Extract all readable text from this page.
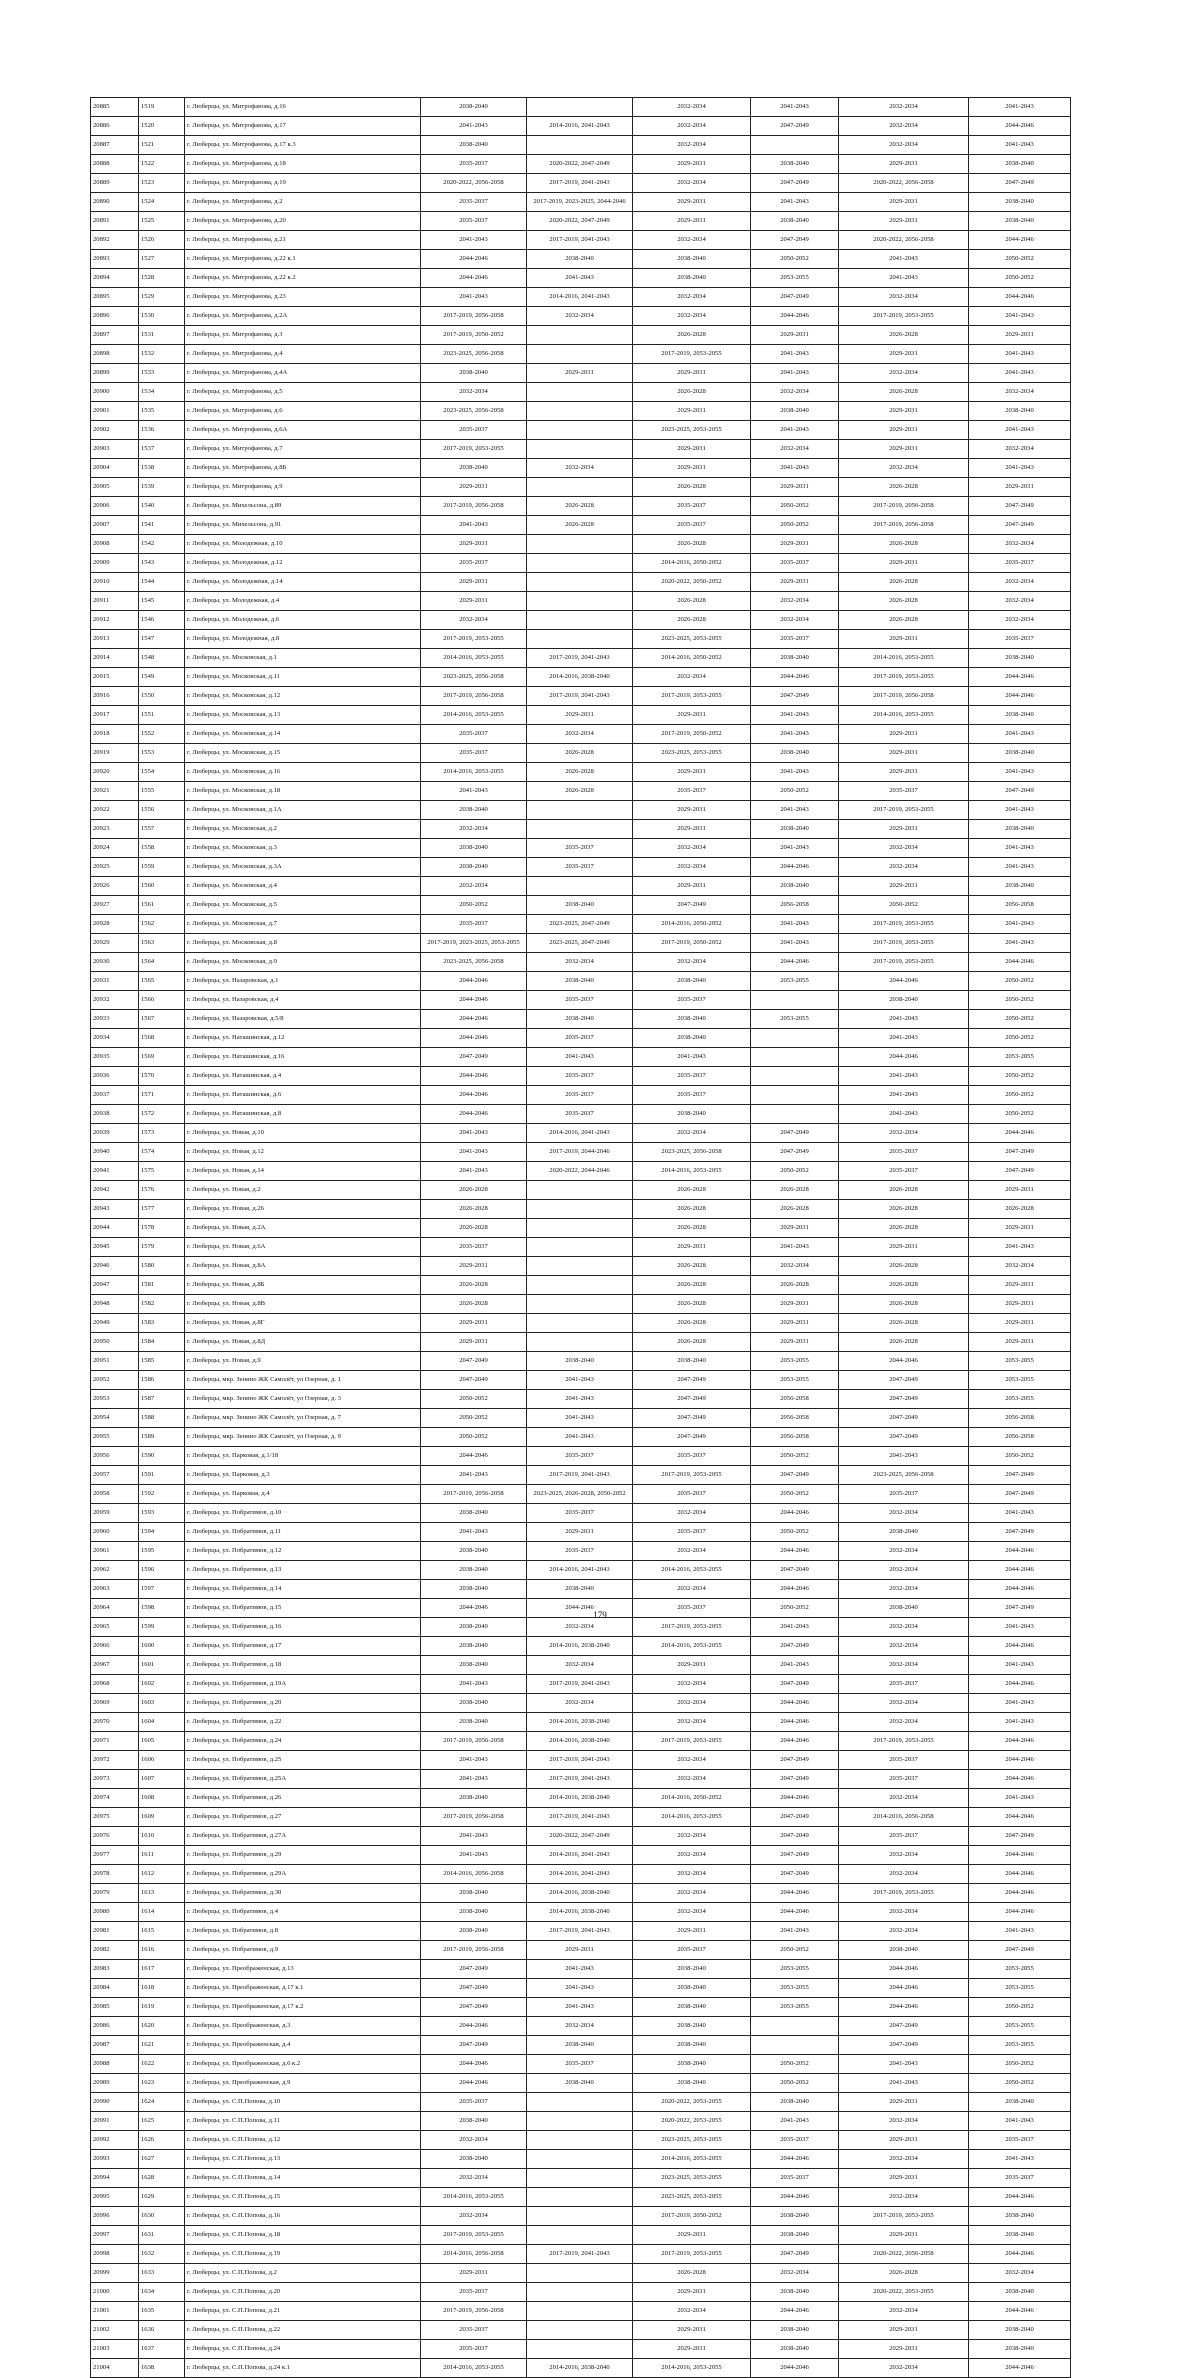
20885	1519	г. Люберцы, ул. Митрофанова, д.16	2038-2040		2032-2034	2041-2043	2032-2034	2041-2043
20886	1520	г. Люберцы, ул. Митрофанова, д.17	2041-2043	2014-2016, 2041-2043	2032-2034	2047-2049	2032-2034	2044-2046
20887	1521	г. Люберцы, ул. Митрофанова, д.17 к.3	2038-2040		2032-2034		2032-2034	2041-2043
20888	1522	г. Люберцы, ул. Митрофанова, д.18	2035-2037	2020-2022, 2047-2049	2029-2031	2038-2040	2029-2031	2038-2040
20889	1523	г. Люберцы, ул. Митрофанова, д.19	2020-2022, 2056-2058	2017-2019, 2041-2043	2032-2034	2047-2049	2020-2022, 2056-2058	2047-2049
20890	1524	г. Люберцы, ул. Митрофанова, д.2	2035-2037	2017-2019, 2023-2025, 2044-2046	2029-2031	2041-2043	2029-2031	2038-2040
20891	1525	г. Люберцы, ул. Митрофанова, д.20	2035-2037	2020-2022, 2047-2049	2029-2031	2038-2040	2029-2031	2038-2040
20892	1526	г. Люберцы, ул. Митрофанова, д.21	2041-2043	2017-2019, 2041-2043	2032-2034	2047-2049	2020-2022, 2056-2058	2044-2046
20893	1527	г. Люберцы, ул. Митрофанова, д.22 к.1	2044-2046	2038-2040	2038-2040	2050-2052	2041-2043	2050-2052
20894	1528	г. Люберцы, ул. Митрофанова, д.22 к.2	2044-2046	2041-2043	2038-2040	2053-2055	2041-2043	2050-2052
20895	1529	г. Люберцы, ул. Митрофанова, д.23	2041-2043	2014-2016, 2041-2043	2032-2034	2047-2049	2032-2034	2044-2046
20896	1530	г. Люберцы, ул. Митрофанова, д.2А	2017-2019, 2056-2058	2032-2034	2032-2034	2044-2046	2017-2019, 2053-2055	2041-2043
20897	1531	г. Люберцы, ул. Митрофанова, д.3	2017-2019, 2050-2052		2026-2028	2029-2031	2026-2028	2029-2031
20898	1532	г. Люберцы, ул. Митрофанова, д.4	2023-2025, 2056-2058		2017-2019, 2053-2055	2041-2043	2029-2031	2041-2043
20899	1533	г. Люберцы, ул. Митрофанова, д.4А	2038-2040	2029-2031	2029-2031	2041-2043	2032-2034	2041-2043
20900	1534	г. Люберцы, ул. Митрофанова, д.5	2032-2034		2026-2028	2032-2034	2026-2028	2032-2034
20901	1535	г. Люберцы, ул. Митрофанова, д.6	2023-2025, 2056-2058		2029-2031	2038-2040	2029-2031	2038-2040
20902	1536	г. Люберцы, ул. Митрофанова, д.6А	2035-2037		2023-2025, 2053-2055	2041-2043	2029-2031	2041-2043
20903	1537	г. Люберцы, ул. Митрофанова, д.7	2017-2019, 2053-2055		2029-2031	2032-2034	2029-2031	2032-2034
20904	1538	г. Люберцы, ул. Митрофанова, д.8Б	2038-2040	2032-2034	2029-2031	2041-2043	2032-2034	2041-2043
20905	1539	г. Люберцы, ул. Митрофанова, д.9	2029-2031		2026-2028	2029-2031	2026-2028	2029-2031
20906	1540	г. Люберцы, ул. Михельсона, д.89	2017-2019, 2056-2058	2026-2028	2035-2037	2050-2052	2017-2019, 2056-2058	2047-2049
20907	1541	г. Люберцы, ул. Михельсона, д.91	2041-2043	2026-2028	2035-2037	2050-2052	2017-2019, 2056-2058	2047-2049
20908	1542	г. Люберцы, ул. Молодежная, д.10	2029-2031		2026-2028	2029-2031	2026-2028	2032-2034
20909	1543	г. Люберцы, ул. Молодежная, д.12	2035-2037		2014-2016, 2050-2052	2035-2037	2029-2031	2035-2037
20910	1544	г. Люберцы, ул. Молодежная, д.14	2029-2031		2020-2022, 2050-2052	2029-2031	2026-2028	2032-2034
20911	1545	г. Люберцы, ул. Молодежная, д.4	2029-2031		2026-2028	2032-2034	2026-2028	2032-2034
20912	1546	г. Люберцы, ул. Молодежная, д.6	2032-2034		2026-2028	2032-2034	2026-2028	2032-2034
20913	1547	г. Люберцы, ул. Молодежная, д.8	2017-2019, 2053-2055		2023-2025, 2053-2055	2035-2037	2029-2031	2035-2037
20914	1548	г. Люберцы, ул. Московская, д.1	2014-2016, 2053-2055	2017-2019, 2041-2043	2014-2016, 2050-2052	2038-2040	2014-2016, 2053-2055	2038-2040
20915	1549	г. Люберцы, ул. Московская, д.11	2023-2025, 2056-2058	2014-2016, 2038-2040	2032-2034	2044-2046	2017-2019, 2053-2055	2044-2046
20916	1550	г. Люберцы, ул. Московская, д.12	2017-2019, 2056-2058	2017-2019, 2041-2043	2017-2019, 2053-2055	2047-2049	2017-2019, 2056-2058	2044-2046
20917	1551	г. Люберцы, ул. Московская, д.13	2014-2016, 2053-2055	2029-2031	2029-2031	2041-2043	2014-2016, 2053-2055	2038-2040
20918	1552	г. Люберцы, ул. Московская, д.14	2035-2037	2032-2034	2017-2019, 2050-2052	2041-2043	2029-2031	2041-2043
20919	1553	г. Люберцы, ул. Московская, д.15	2035-2037	2026-2028	2023-2025, 2053-2055	2038-2040	2029-2031	2038-2040
20920	1554	г. Люберцы, ул. Московская, д.16	2014-2016, 2053-2055	2026-2028	2029-2031	2041-2043	2029-2031	2041-2043
20921	1555	г. Люберцы, ул. Московская, д.18	2041-2043	2026-2028	2035-2037	2050-2052	2035-2037	2047-2049
20922	1556	г. Люберцы, ул. Московская, д.1А	2038-2040		2029-2031	2041-2043	2017-2019, 2053-2055	2041-2043
20923	1557	г. Люберцы, ул. Московская, д.2	2032-2034		2029-2031	2038-2040	2029-2031	2038-2040
20924	1558	г. Люберцы, ул. Московская, д.3	2038-2040	2035-2037	2032-2034	2041-2043	2032-2034	2041-2043
20925	1559	г. Люберцы, ул. Московская, д.3А	2038-2040	2035-2037	2032-2034	2044-2046	2032-2034	2041-2043
20926	1560	г. Люберцы, ул. Московская, д.4	2032-2034		2029-2031	2038-2040	2029-2031	2038-2040
20927	1561	г. Люберцы, ул. Московская, д.5	2050-2052	2038-2040	2047-2049	2056-2058	2050-2052	2056-2058
20928	1562	г. Люберцы, ул. Московская, д.7	2035-2037	2023-2025, 2047-2049	2014-2016, 2050-2052	2041-2043	2017-2019, 2053-2055	2041-2043
20929	1563	г. Люберцы, ул. Московская, д.8	2017-2019, 2023-2025, 2053-2055	2023-2025, 2047-2049	2017-2019, 2050-2052	2041-2043	2017-2019, 2053-2055	2041-2043
20930	1564	г. Люберцы, ул. Московская, д.9	2023-2025, 2056-2058	2032-2034	2032-2034	2044-2046	2017-2019, 2053-2055	2044-2046
20931	1565	г. Люберцы, ул. Назаровская, д.1	2044-2046	2038-2040	2038-2040	2053-2055	2044-2046	2050-2052
20932	1566	г. Люберцы, ул. Назаровская, д.4	2044-2046	2035-2037	2035-2037		2038-2040	2050-2052
20933	1567	г. Люберцы, ул. Назаровская, д.5/8	2044-2046	2038-2040	2038-2040	2053-2055	2041-2043	2050-2052
20934	1568	г. Люберцы, ул. Наташинская, д.12	2044-2046	2035-2037	2038-2040		2041-2043	2050-2052
20935	1569	г. Люберцы, ул. Наташинская, д.16	2047-2049	2041-2043	2041-2043		2044-2046	2053-2055
20936	1570	г. Люберцы, ул. Наташинская, д.4	2044-2046	2035-2037	2035-2037		2041-2043	2050-2052
20937	1571	г. Люберцы, ул. Наташинская, д.6	2044-2046	2035-2037	2035-2037		2041-2043	2050-2052
20938	1572	г. Люберцы, ул. Наташинская, д.8	2044-2046	2035-2037	2038-2040		2041-2043	2050-2052
20939	1573	г. Люберцы, ул. Новая, д.10	2041-2043	2014-2016, 2041-2043	2032-2034	2047-2049	2032-2034	2044-2046
20940	1574	г. Люберцы, ул. Новая, д.12	2041-2043	2017-2019, 2044-2046	2023-2025, 2056-2058	2047-2049	2035-2037	2047-2049
20941	1575	г. Люберцы, ул. Новая, д.14	2041-2043	2020-2022, 2044-2046	2014-2016, 2053-2055	2050-2052	2035-2037	2047-2049
20942	1576	г. Люберцы, ул. Новая, д.2	2026-2028		2026-2028	2026-2028	2026-2028	2029-2031
20943	1577	г. Люберцы, ул. Новая, д.26	2026-2028		2026-2028	2026-2028	2026-2028	2026-2028
20944	1578	г. Люберцы, ул. Новая, д.2А	2026-2028		2026-2028	2029-2031	2026-2028	2029-2031
20945	1579	г. Люберцы, ул. Новая, д.6А	2035-2037		2029-2031	2041-2043	2029-2031	2041-2043
20946	1580	г. Люберцы, ул. Новая, д.8А	2029-2031		2026-2028	2032-2034	2026-2028	2032-2034
20947	1581	г. Люберцы, ул. Новая, д.8Б	2026-2028		2026-2028	2026-2028	2026-2028	2029-2031
20948	1582	г. Люберцы, ул. Новая, д.8В	2026-2028		2026-2028	2029-2031	2026-2028	2029-2031
20949	1583	г. Люберцы, ул. Новая, д.8Г	2029-2031		2026-2028	2029-2031	2026-2028	2029-2031
20950	1584	г. Люберцы, ул. Новая, д.8Д	2029-2031		2026-2028	2029-2031	2026-2028	2029-2031
20951	1585	г. Люберцы, ул. Новая, д.9	2047-2049	2038-2040	2038-2040	2053-2055	2044-2046	2053-2055
20952	1586	г. Люберцы, мкр. Зенино ЖК Самолёт, ул Озерная, д. 1	2047-2049	2041-2043	2047-2049	2053-2055	2047-2049	2053-2055
20953	1587	г. Люберцы, мкр. Зенино ЖК Самолёт, ул Озерная, д. 3	2050-2052	2041-2043	2047-2049	2056-2058	2047-2049	2053-2055
20954	1588	г. Люберцы, мкр. Зенино ЖК Самолёт, ул Озерная, д. 7	2050-2052	2041-2043	2047-2049	2056-2058	2047-2049	2056-2058
20955	1589	г. Люберцы, мкр. Зенино ЖК Самолёт, ул Озерная, д. 9	2050-2052	2041-2043	2047-2049	2056-2058	2047-2049	2056-2058
20956	1590	г. Люберцы, ул. Парковая, д.1/18	2044-2046	2035-2037	2035-2037	2050-2052	2041-2043	2050-2052
20957	1591	г. Люберцы, ул. Парковая, д.3	2041-2043	2017-2019, 2041-2043	2017-2019, 2053-2055	2047-2049	2023-2025, 2056-2058	2047-2049
20958	1592	г. Люберцы, ул. Парковая, д.4	2017-2019, 2056-2058	2023-2025, 2026-2028, 2050-2052	2035-2037	2050-2052	2035-2037	2047-2049
20959	1593	г. Люберцы, ул. Побратимов, д.10	2038-2040	2035-2037	2032-2034	2044-2046	2032-2034	2041-2043
20960	1594	г. Люберцы, ул. Побратимов, д.11	2041-2043	2029-2031	2035-2037	2050-2052	2038-2040	2047-2049
20961	1595	г. Люберцы, ул. Побратимов, д.12	2038-2040	2035-2037	2032-2034	2044-2046	2032-2034	2044-2046
20962	1596	г. Люберцы, ул. Побратимов, д.13	2038-2040	2014-2016, 2041-2043	2014-2016, 2053-2055	2047-2049	2032-2034	2044-2046
20963	1597	г. Люберцы, ул. Побратимов, д.14	2038-2040	2038-2040	2032-2034	2044-2046	2032-2034	2044-2046
20964	1598	г. Люберцы, ул. Побратимов, д.15	2044-2046	2044-2046	2035-2037	2050-2052	2038-2040	2047-2049
20965	1599	г. Люберцы, ул. Побратимов, д.16	2038-2040	2032-2034	2017-2019, 2053-2055	2041-2043	2032-2034	2041-2043
20966	1600	г. Люберцы, ул. Побратимов, д.17	2038-2040	2014-2016, 2038-2040	2014-2016, 2053-2055	2047-2049	2032-2034	2044-2046
20967	1601	г. Люберцы, ул. Побратимов, д.18	2038-2040	2032-2034	2029-2031	2041-2043	2032-2034	2041-2043
20968	1602	г. Люберцы, ул. Побратимов, д.19А	2041-2043	2017-2019, 2041-2043	2032-2034	2047-2049	2035-2037	2044-2046
20969	1603	г. Люберцы, ул. Побратимов, д.20	2038-2040	2032-2034	2032-2034	2044-2046	2032-2034	2041-2043
20970	1604	г. Люберцы, ул. Побратимов, д.22	2038-2040	2014-2016, 2038-2040	2032-2034	2044-2046	2032-2034	2041-2043
20971	1605	г. Люберцы, ул. Побратимов, д.24	2017-2019, 2056-2058	2014-2016, 2038-2040	2017-2019, 2053-2055	2044-2046	2017-2019, 2053-2055	2044-2046
20972	1606	г. Люберцы, ул. Побратимов, д.25	2041-2043	2017-2019, 2041-2043	2032-2034	2047-2049	2035-2037	2044-2046
20973	1607	г. Люберцы, ул. Побратимов, д.25А	2041-2043	2017-2019, 2041-2043	2032-2034	2047-2049	2035-2037	2044-2046
20974	1608	г. Люберцы, ул. Побратимов, д.26	2038-2040	2014-2016, 2038-2040	2014-2016, 2050-2052	2044-2046	2032-2034	2041-2043
20975	1609	г. Люберцы, ул. Побратимов, д.27	2017-2019, 2056-2058	2017-2019, 2041-2043	2014-2016, 2053-2055	2047-2049	2014-2016, 2056-2058	2044-2046
20976	1610	г. Люберцы, ул. Побратимов, д.27А	2041-2043	2020-2022, 2047-2049	2032-2034	2047-2049	2035-2037	2047-2049
20977	1611	г. Люберцы, ул. Побратимов, д.29	2041-2043	2014-2016, 2041-2043	2032-2034	2047-2049	2032-2034	2044-2046
20978	1612	г. Люберцы, ул. Побратимов, д.29А	2014-2016, 2056-2058	2014-2016, 2041-2043	2032-2034	2047-2049	2032-2034	2044-2046
20979	1613	г. Люберцы, ул. Побратимов, д.30	2038-2040	2014-2016, 2038-2040	2032-2034	2044-2046	2017-2019, 2053-2055	2044-2046
20980	1614	г. Люберцы, ул. Побратимов, д.4	2038-2040	2014-2016, 2038-2040	2032-2034	2044-2046	2032-2034	2044-2046
20981	1615	г. Люберцы, ул. Побратимов, д.8	2038-2040	2017-2019, 2041-2043	2029-2031	2041-2043	2032-2034	2041-2043
20982	1616	г. Люберцы, ул. Побратимов, д.9	2017-2019, 2056-2058	2029-2031	2035-2037	2050-2052	2038-2040	2047-2049
20983	1617	г. Люберцы, ул. Преображенская, д.13	2047-2049	2041-2043	2038-2040	2053-2055	2044-2046	2053-2055
20984	1618	г. Люберцы, ул. Преображенская, д.17 к.1	2047-2049	2041-2043	2038-2040	2053-2055	2044-2046	2053-2055
20985	1619	г. Люберцы, ул. Преображенская, д.17 к.2	2047-2049	2041-2043	2038-2040	2053-2055	2044-2046	2050-2052
20986	1620	г. Люберцы, ул. Преображенская, д.3	2044-2046	2032-2034	2038-2040		2047-2049	2053-2055
20987	1621	г. Люберцы, ул. Преображенская, д.4	2047-2049	2038-2040	2038-2040		2047-2049	2053-2055
20988	1622	г. Люберцы, ул. Преображенская, д.6 к.2	2044-2046	2035-2037	2038-2040	2050-2052	2041-2043	2050-2052
20989	1623	г. Люберцы, ул. Преображенская, д.9	2044-2046	2038-2040	2038-2040	2050-2052	2041-2043	2050-2052
20990	1624	г. Люберцы, ул. С.П.Попова, д.10	2035-2037		2020-2022, 2053-2055	2038-2040	2029-2031	2038-2040
20991	1625	г. Люберцы, ул. С.П.Попова, д.11	2038-2040		2020-2022, 2053-2055	2041-2043	2032-2034	2041-2043
20992	1626	г. Люберцы, ул. С.П.Попова, д.12	2032-2034		2023-2025, 2053-2055	2035-2037	2029-2031	2035-2037
20993	1627	г. Люберцы, ул. С.П.Попова, д.13	2038-2040		2014-2016, 2053-2055	2044-2046	2032-2034	2041-2043
20994	1628	г. Люберцы, ул. С.П.Попова, д.14	2032-2034		2023-2025, 2053-2055	2035-2037	2029-2031	2035-2037
20995	1629	г. Люберцы, ул. С.П.Попова, д.15	2014-2016, 2053-2055		2023-2025, 2053-2055	2044-2046	2032-2034	2044-2046
20996	1630	г. Люберцы, ул. С.П.Попова, д.16	2032-2034		2017-2019, 2050-2052	2038-2040	2017-2019, 2053-2055	2038-2040
20997	1631	г. Люберцы, ул. С.П.Попова, д.18	2017-2019, 2053-2055		2029-2031	2038-2040	2029-2031	2038-2040
20998	1632	г. Люберцы, ул. С.П.Попова, д.19	2014-2016, 2056-2058	2017-2019, 2041-2043	2017-2019, 2053-2055	2047-2049	2020-2022, 2056-2058	2044-2046
20999	1633	г. Люберцы, ул. С.П.Попова, д.2	2029-2031		2026-2028	2032-2034	2026-2028	2032-2034
21000	1634	г. Люберцы, ул. С.П.Попова, д.20	2035-2037		2029-2031	2038-2040	2020-2022, 2053-2055	2038-2040
21001	1635	г. Люберцы, ул. С.П.Попова, д.21	2017-2019, 2056-2058		2032-2034	2044-2046	2032-2034	2044-2046
21002	1636	г. Люберцы, ул. С.П.Попова, д.22	2035-2037		2029-2031	2038-2040	2029-2031	2038-2040
21003	1637	г. Люберцы, ул. С.П.Попова, д.24	2035-2037		2029-2031	2038-2040	2029-2031	2038-2040
21004	1638	г. Люберцы, ул. С.П.Попова, д.24 к.1	2014-2016, 2053-2055	2014-2016, 2038-2040	2014-2016, 2053-2055	2044-2046	2032-2034	2044-2046
179
